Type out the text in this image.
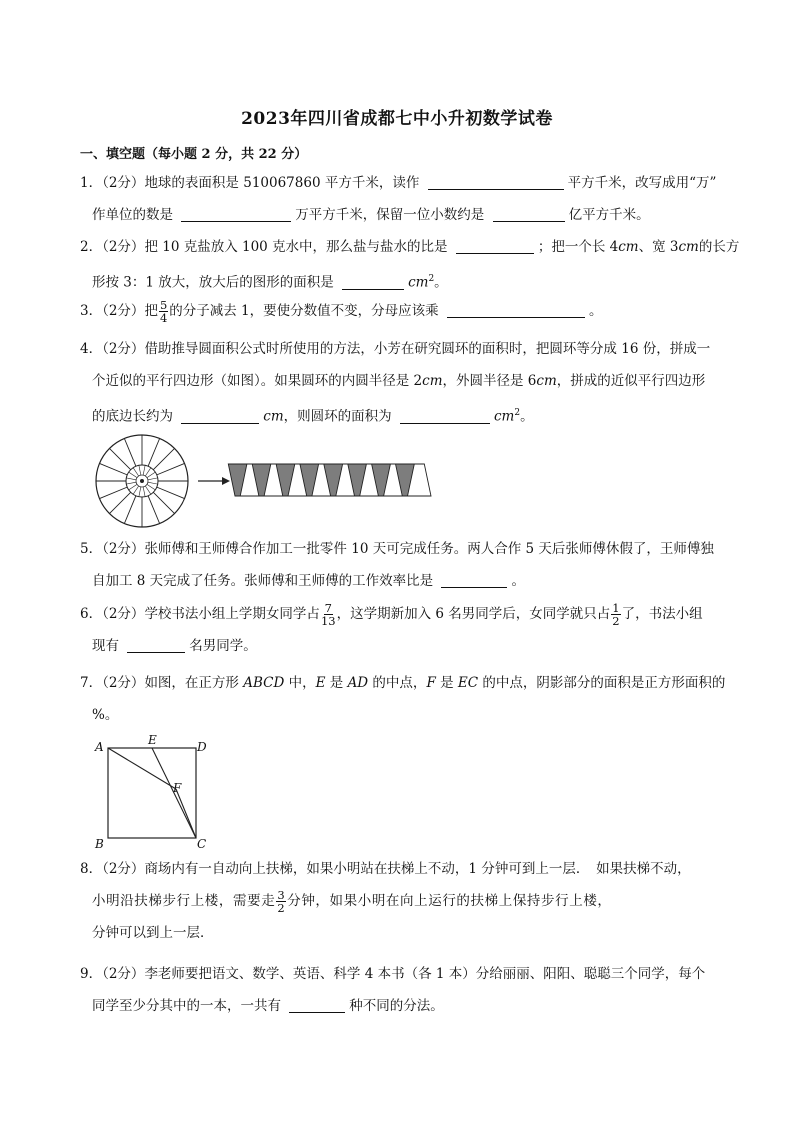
2023年四川省成都七中小升初数学试卷
一、填空题（每小题 2 分，共 22 分）

1．（2分）地球的表面积是 510067860 平方千米，读作	平方千米，改写成用“万”

作单位的数是	万平方千米，保留一位小数约是	亿平方千米。

2．（2分）把 10 克盐放入 100 克水中，那么盐与盐水的比是	；把一个长 4cm、宽 3cm的长方

形按 3：1 放大，放大后的图形的面积是	$cm^2$。

3．（2分）把 $\frac{5}{4}$ 的分子减去 1，要使分数值不变，分母应该乘	。

4．（2分）借助推导圆面积公式时所使用的方法，小芳在研究圆环的面积时，把圆环等分成 16 份，拼成一

个近似的平行四边形（如图）。如果圆环的内圆半径是 2cm，外圆半径是 6cm，拼成的近似平行四边形

的底边长约为	cm，则圆环的面积为	$cm^2$。

5．（2分）张师傅和王师傅合作加工一批零件 10 天可完成任务。两人合作 5 天后张师傅休假了，王师傅独

自加工 8 天完成了任务。张师傅和王师傅的工作效率比是	。

6．（2分）学校书法小组上学期女同学占 $\frac{7}{13}$ ，这学期新加入 6 名男同学后，女同学就只占 $\frac{1}{2}$ 了，书法小组

现有	名男同学。

7．（2分）如图，在正方形 ABCD 中，E 是 AD 的中点，F 是 EC 的中点，阴影部分的面积是正方形面积的

%。

A	E	D
F
B	C

8．（2分）商场内有一自动向上扶梯，如果小明站在扶梯上不动，1 分钟可到上一层．　如果扶梯不动，

小明沿扶梯步行上楼，需要走 $\frac{3}{2}$ 分钟，如果小明在向上运行的扶梯上保持步行上楼，

分钟可以到上一层．

9．（2分）李老师要把语文、数学、英语、科学 4 本书（各 1 本）分给丽丽、阳阳、聪聪三个同学，每个

同学至少分其中的一本，一共有	种不同的分法。
